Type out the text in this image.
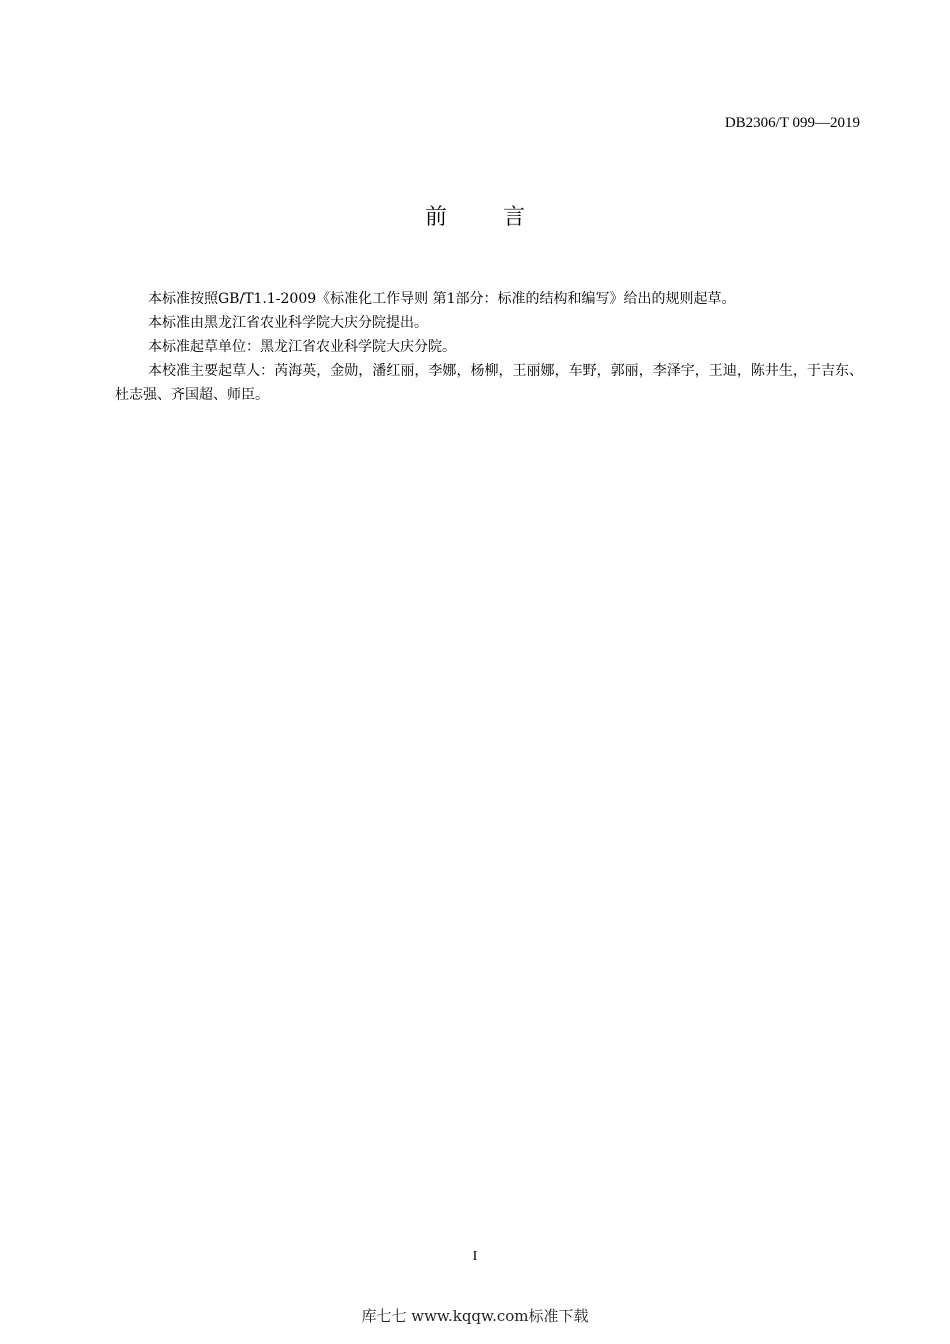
DB2306/T 099—2019
前言

本标准按照GB/T1.1-2009《标准化工作导则 第1部分：标准的结构和编写》给出的规则起草。

本标准由黑龙江省农业科学院大庆分院提出。

本标准起草单位：黑龙江省农业科学院大庆分院。

本校准主要起草人：芮海英，金勋，潘红丽，李娜，杨柳，王丽娜，车野，郭丽，李泽宇，王迪，陈井生，于吉东、杜志强、齐国超、师臣。

I
库七七 www.kqqw.com标准下载
